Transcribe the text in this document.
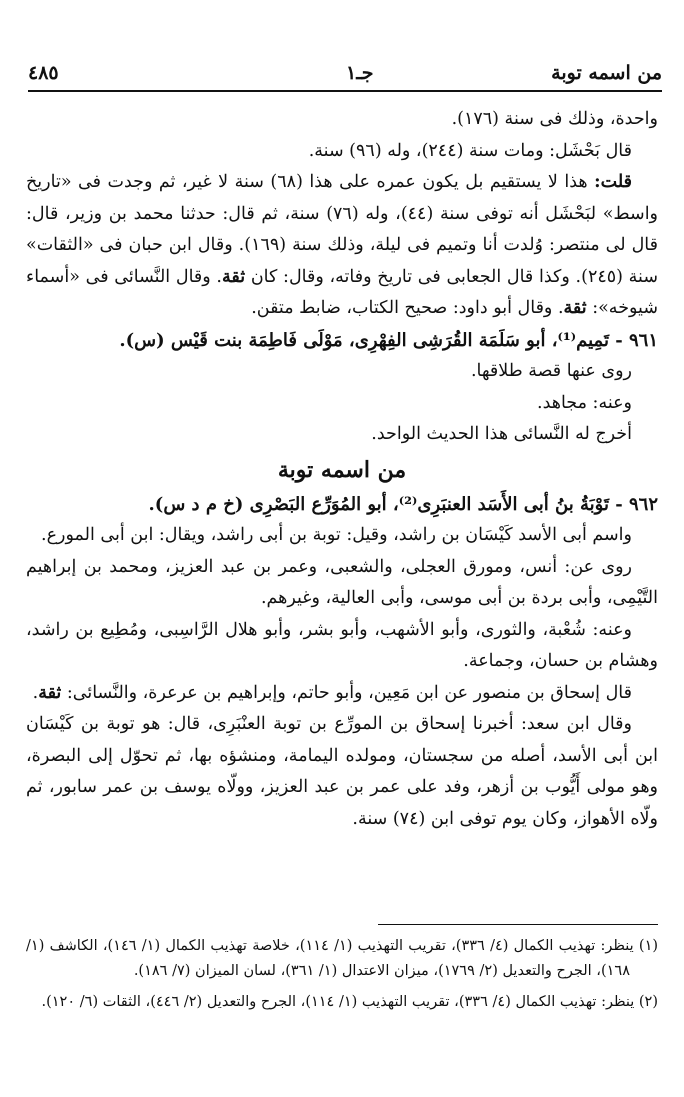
من اسمه توبة
جـ١
٤٨٥

واحدة، وذلك فى سنة (١٧٦).

قال بَحْشَل: ومات سنة (٢٤٤)، وله (٩٦) سنة.

قلت: هذا لا يستقيم بل يكون عمره على هذا (٦٨) سنة لا غير، ثم وجدت فى «تاريخ واسط» لبَحْشَل أنه توفى سنة (٤٤)، وله (٧٦) سنة، ثم قال: حدثنا محمد بن وزير، قال: قال لى منتصر: وُلدت أنا وتميم فى ليلة، وذلك سنة (١٦٩). وقال ابن حبان فى «الثقات» سنة (٢٤٥). وكذا قال الجعابى فى تاريخ وفاته، وقال: كان ثقة. وقال النَّسائى فى «أسماء شيوخه»: ثقة. وقال أبو داود: صحيح الكتاب، ضابط متقن.

٩٦١ - تَمِيم⁽¹⁾، أبو سَلَمَة القُرَشِى الفِهْرِى، مَوْلَى فَاطِمَة بنت قَيْس (س).

روى عنها قصة طلاقها.

وعنه: مجاهد.

أخرج له النَّسائى هذا الحديث الواحد.

من اسمه توبة

٩٦٢ - تَوْبَةُ بنُ أبى الأَسَد العنبَرِى⁽²⁾، أبو المُوَرِّع البَصْرِى (خ م د س).

واسم أبى الأسد كَيْسَان بن راشد، وقيل: توبة بن أبى راشد، ويقال: ابن أبى المورع.

روى عن: أنس، ومورق العجلى، والشعبى، وعمر بن عبد العزيز، ومحمد بن إبراهيم التَّيْمِى، وأبى بردة بن أبى موسى، وأبى العالية، وغيرهم.

وعنه: شُعْبة، والثورى، وأبو الأشهب، وأبو بشر، وأبو هلال الرَّاسِبى، ومُطِيع بن راشد، وهشام بن حسان، وجماعة.

قال إسحاق بن منصور عن ابن مَعِين، وأبو حاتم، وإبراهيم بن عرعرة، والنَّسائى: ثقة.

وقال ابن سعد: أخبرنا إسحاق بن المورِّع بن توبة العنْبَرِى، قال: هو توبة بن كَيْسَان ابن أبى الأسد، أصله من سجستان، ومولده اليمامة، ومنشؤه بها، ثم تحوّل إلى البصرة، وهو مولى أَيُّوب بن أزهر، وفد على عمر بن عبد العزيز، وولّاه يوسف بن عمر سابور، ثم ولّاه الأهواز، وكان يوم توفى ابن (٧٤) سنة.

(١) ينظر: تهذيب الكمال (٤/ ٣٣٦)، تقريب التهذيب (١/ ١١٤)، خلاصة تهذيب الكمال (١/ ١٤٦)، الكاشف (١/ ١٦٨)، الجرح والتعديل (٢/ ١٧٦٩)، ميزان الاعتدال (١/ ٣٦١)، لسان الميزان (٧/ ١٨٦).

(٢) ينظر: تهذيب الكمال (٤/ ٣٣٦)، تقريب التهذيب (١/ ١١٤)، الجرح والتعديل (٢/ ٤٤٦)، الثقات (٦/ ١٢٠).
